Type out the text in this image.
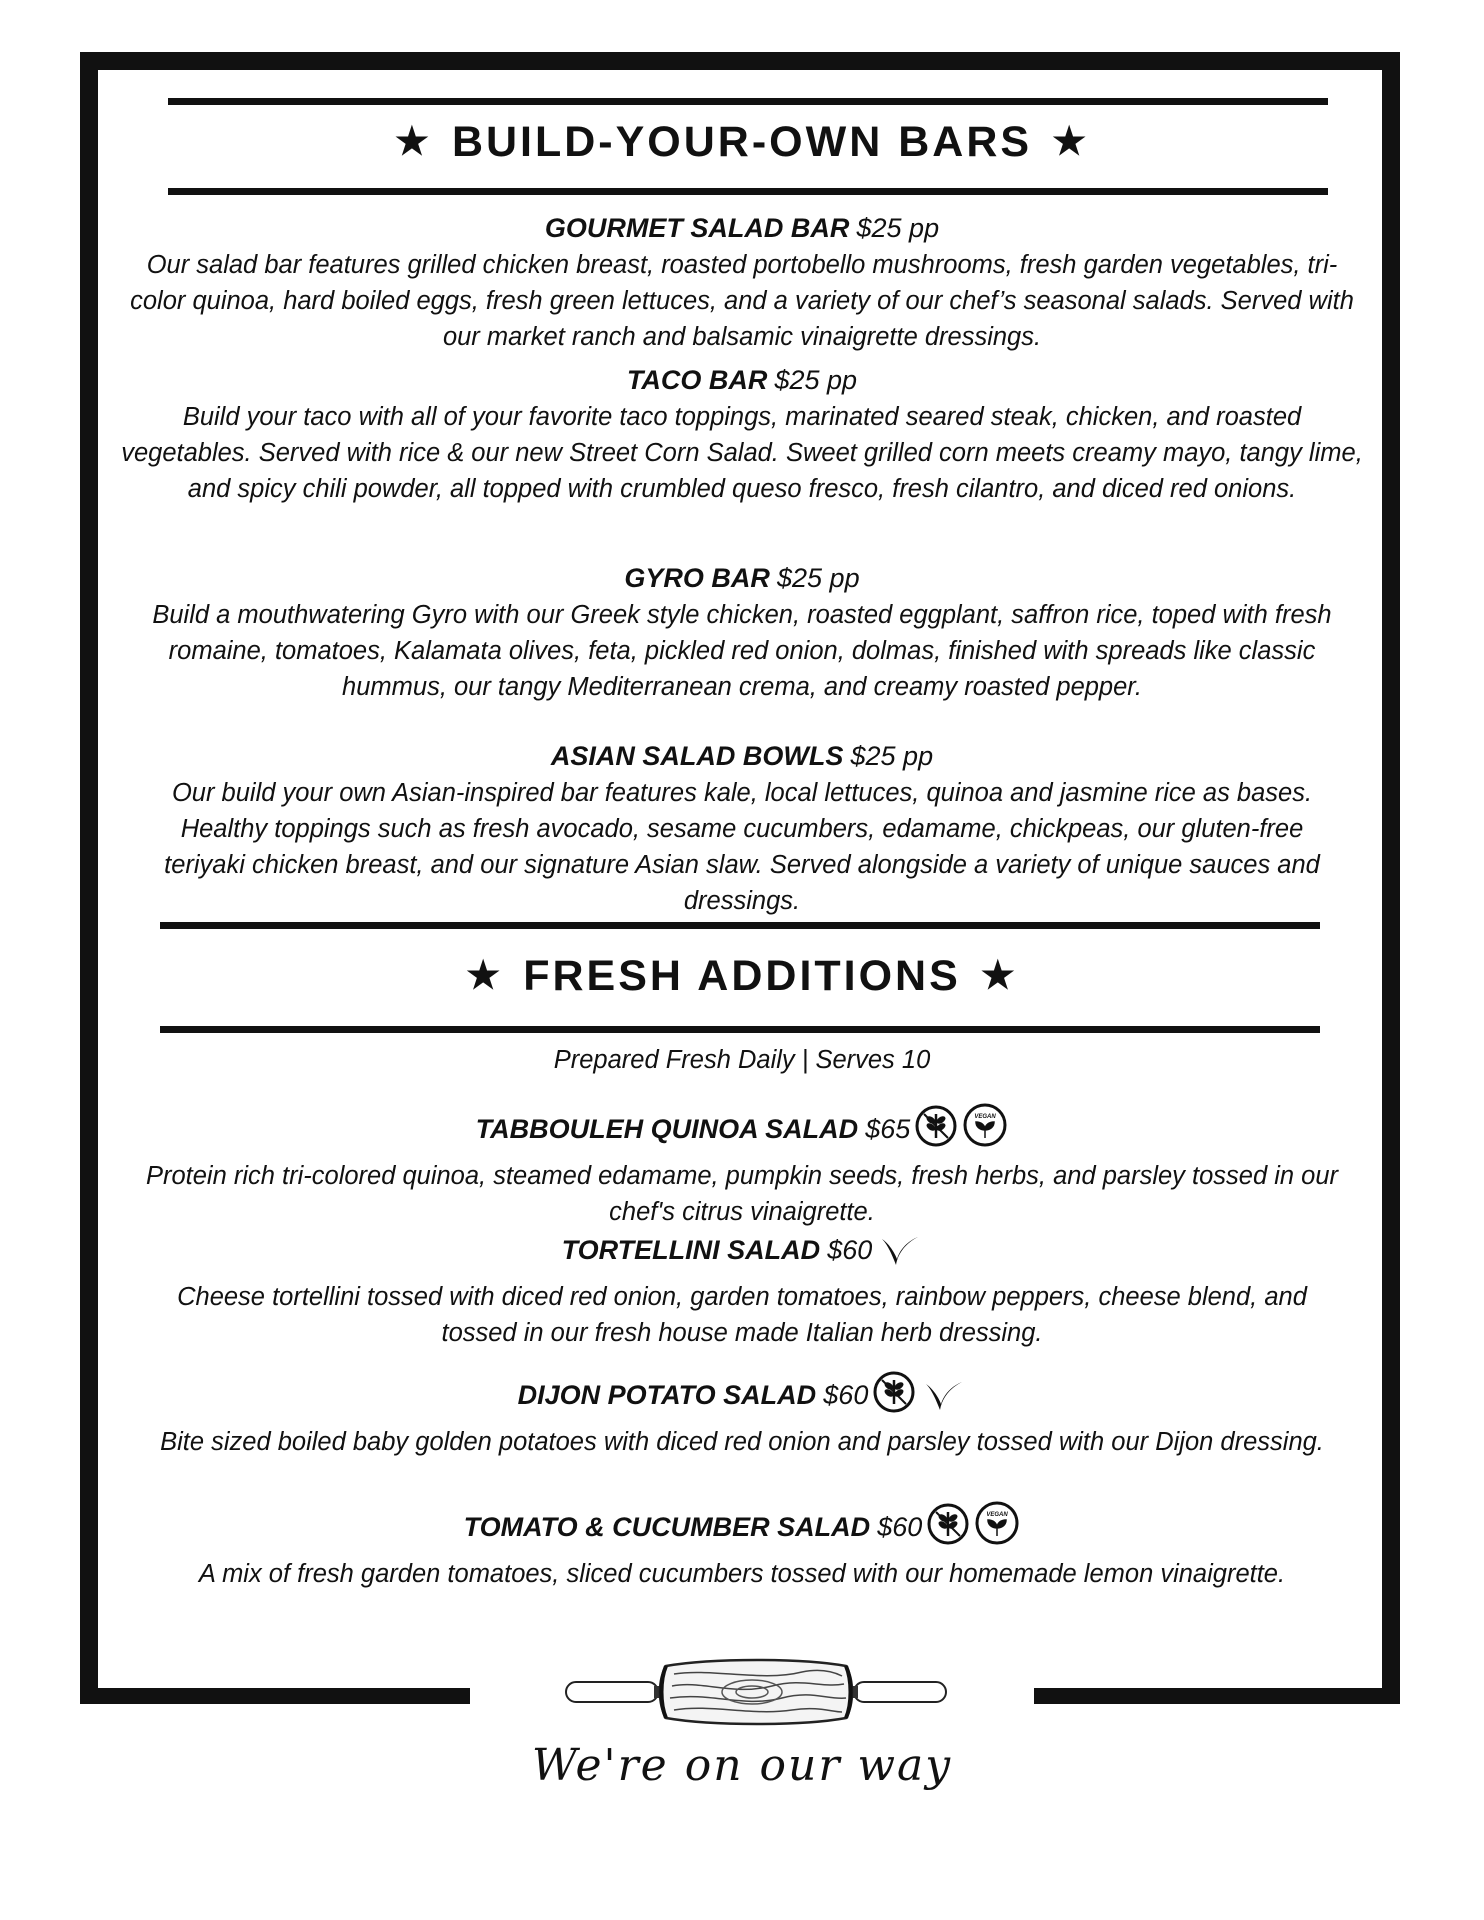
★ BUILD-YOUR-OWN BARS ★
GOURMET SALAD BAR $25 pp
Our salad bar features grilled chicken breast, roasted portobello mushrooms, fresh garden vegetables, tri-color quinoa, hard boiled eggs, fresh green lettuces, and a variety of our chef’s seasonal salads. Served with our market ranch and balsamic vinaigrette dressings.
TACO BAR $25 pp
Build your taco with all of your favorite taco toppings, marinated seared steak, chicken, and roasted vegetables. Served with rice & our new Street Corn Salad. Sweet grilled corn meets creamy mayo, tangy lime, and spicy chili powder, all topped with crumbled queso fresco, fresh cilantro, and diced red onions.
GYRO BAR $25 pp
Build a mouthwatering Gyro with our Greek style chicken, roasted eggplant, saffron rice, toped with fresh romaine, tomatoes, Kalamata olives, feta, pickled red onion, dolmas, finished with spreads like classic hummus, our tangy Mediterranean crema, and creamy roasted pepper.
ASIAN SALAD BOWLS $25 pp
Our build your own Asian-inspired bar features kale, local lettuces, quinoa and jasmine rice as bases. Healthy toppings such as fresh avocado, sesame cucumbers, edamame, chickpeas, our gluten-free teriyaki chicken breast, and our signature Asian slaw. Served alongside a variety of unique sauces and dressings.
★ FRESH ADDITIONS ★
Prepared Fresh Daily | Serves 10
TABBOULEH QUINOA SALAD $65	VEGAN

Protein rich tri-colored quinoa, steamed edamame, pumpkin seeds, fresh herbs, and parsley tossed in our chef's citrus vinaigrette.
TORTELLINI SALAD $60
Cheese tortellini tossed with diced red onion, garden tomatoes, rainbow peppers, cheese blend, and tossed in our fresh house made Italian herb dressing.
DIJON POTATO SALAD $60
Bite sized boiled baby golden potatoes with diced red onion and parsley tossed with our Dijon dressing.
TOMATO & CUCUMBER SALAD $60	VEGAN

A mix of fresh garden tomatoes, sliced cucumbers tossed with our homemade lemon vinaigrette.
We're on our way
